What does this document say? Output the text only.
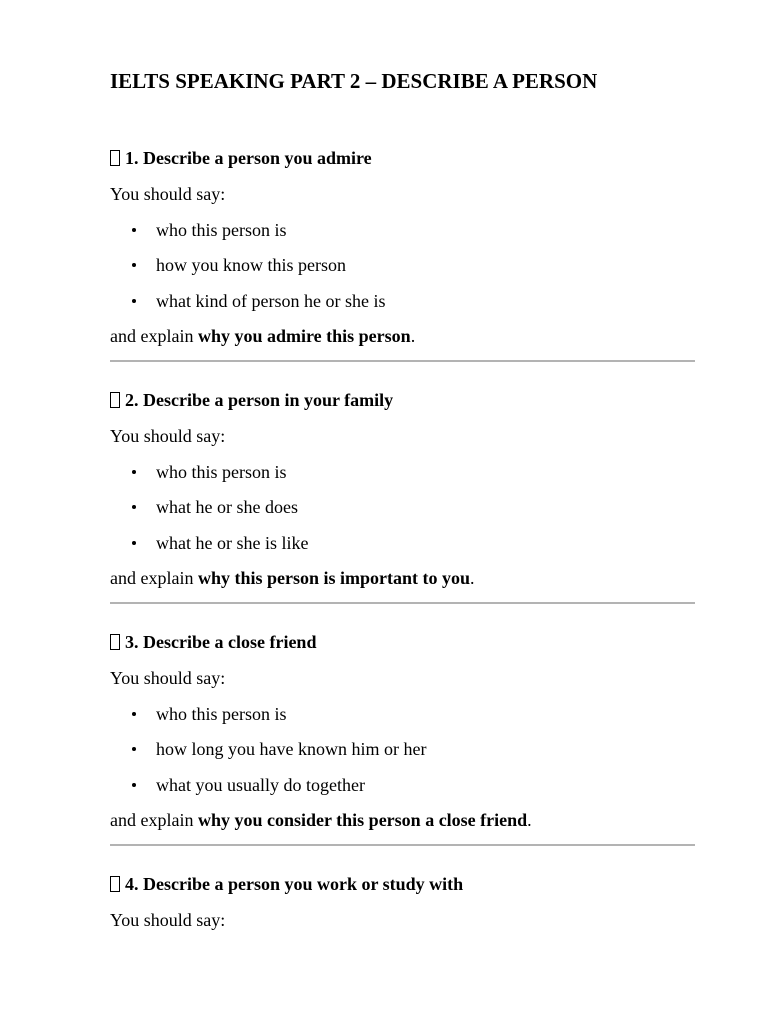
IELTS SPEAKING PART 2 – DESCRIBE A PERSON
1. Describe a person you admire

You should say:

who this person is
how you know this person
what kind of person he or she is

and explain why you admire this person.

2. Describe a person in your family

You should say:

who this person is
what he or she does
what he or she is like

and explain why this person is important to you.

3. Describe a close friend

You should say:

who this person is
how long you have known him or her
what you usually do together

and explain why you consider this person a close friend.

4. Describe a person you work or study with

You should say:
